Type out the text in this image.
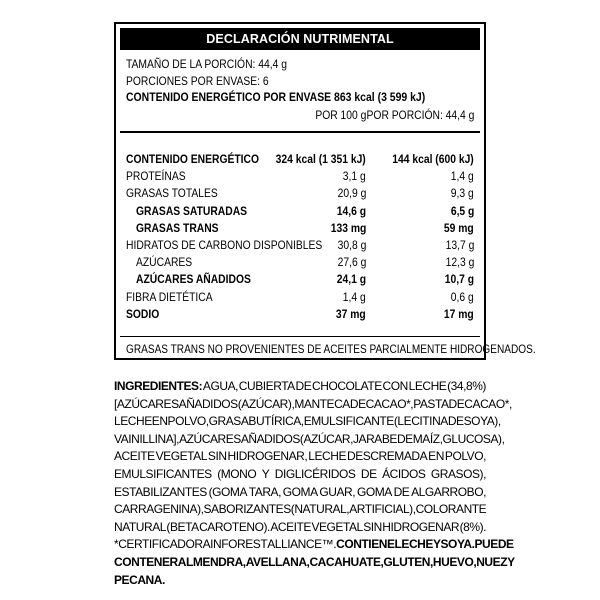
DECLARACIÓN NUTRIMENTAL
TAMAÑO DE LA PORCIÓN: 44,4 g
PORCIONES POR ENVASE: 6
CONTENIDO ENERGÉTICO POR ENVASE 863 kcal (3 599 kJ)
POR 100 g POR PORCIÓN: 44,4 g
CONTENIDO ENERGÉTICO 324 kcal (1 351 kJ) 144 kcal (600 kJ)
PROTEÍNAS	3,1 g	1,4 g
GRASAS TOTALES	20,9 g	9,3 g
GRASAS SATURADAS	14,6 g	6,5 g
GRASAS TRANS	133 mg	59 mg
HIDRATOS DE CARBONO DISPONIBLES 30,8 g	13,7 g
AZÚCARES	27,6 g	12,3 g
AZÚCARES AÑADIDOS	24,1 g	10,7 g
FIBRA DIETÉTICA	1,4 g	0,6 g
SODIO	37 mg	17 mg
GRASAS TRANS NO PROVENIENTES DE ACEITES PARCIALMENTE HIDROGENADOS.
INGREDIENTES: AGUA, CUBIERTA DE CHOCOLATE CON LECHE (34,8%)
[AZÚCARES AÑADIDOS (AZÚCAR), MANTECA DE CACAO*, PASTA DE CACAO*,
LECHE EN POLVO, GRASA BUTÍRICA, EMULSIFICANTE (LECITINA DE SOYA),
VAINILLINA], AZÚCARES AÑADIDOS (AZÚCAR, JARABE DE MAÍZ, GLUCOSA),
ACEITE VEGETAL SIN HIDROGENAR, LECHE DESCREMADA EN POLVO,
EMULSIFICANTES (MONO Y DIGLICÉRIDOS DE ÁCIDOS GRASOS),
ESTABILIZANTES (GOMA TARA, GOMA GUAR, GOMA DE ALGARROBO,
CARRAGENINA), SABORIZANTES (NATURAL, ARTIFICIAL), COLORANTE
NATURAL (BETA CAROTENO). ACEITE VEGETAL SIN HIDROGENAR (8%).
*CERTIFICADO RAINFOREST ALLIANCE™. CONTIENE LECHE Y SOYA. PUEDE
CONTENER ALMENDRA, AVELLANA, CACAHUATE, GLUTEN, HUEVO, NUEZ Y
PECANA.
